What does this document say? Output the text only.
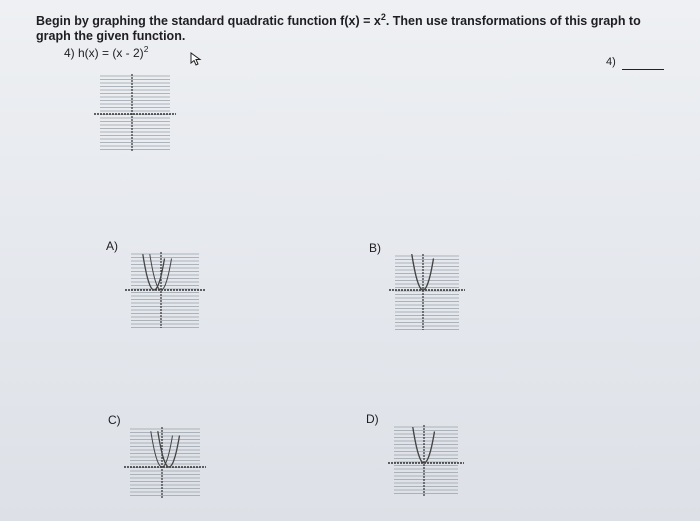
Begin by graphing the standard quadratic function $f(x) = x^2$. Then use transformations of this graph to graph the given function.
4) h(x) = (x - 2)$^2$
4)
A)	B)
C)	D)
